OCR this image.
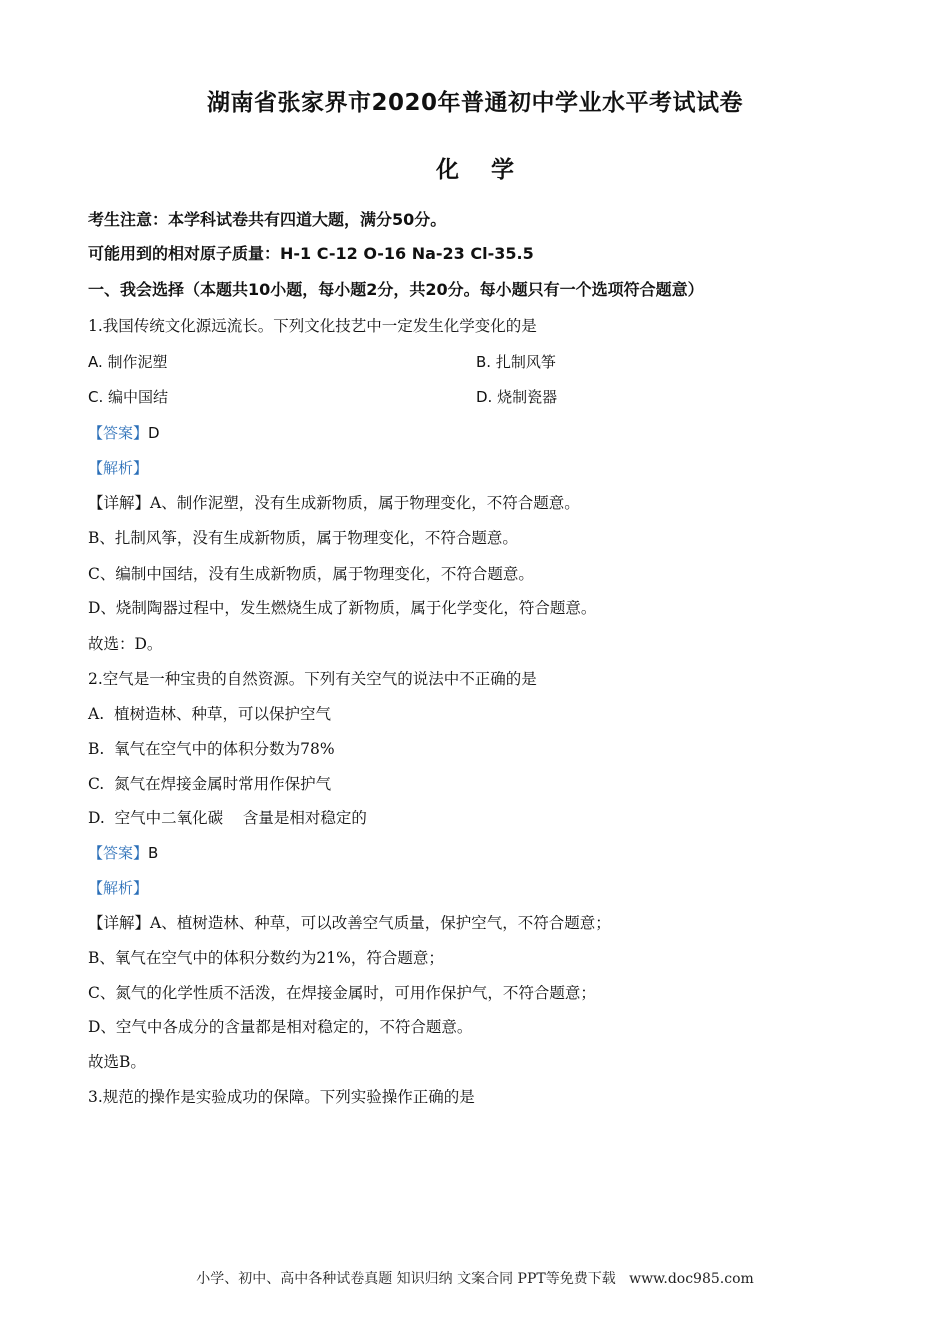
湖南省张家界市2020年普通初中学业水平考试试卷
化 学
考生注意：本学科试卷共有四道大题，满分50分。
可能用到的相对原子质量：H-1 C-12 O-16 Na-23 Cl-35.5
一、我会选择（本题共10小题，每小题2分，共20分。每小题只有一个选项符合题意）
1.我国传统文化源远流长。下列文化技艺中一定发生化学变化的是
A. 制作泥塑	B. 扎制风筝
C. 编中国结	D. 烧制瓷器
【答案】D
【解析】
【详解】A、制作泥塑，没有生成新物质，属于物理变化，不符合题意。
B、扎制风筝，没有生成新物质，属于物理变化，不符合题意。
C、编制中国结，没有生成新物质，属于物理变化，不符合题意。
D、烧制陶器过程中，发生燃烧生成了新物质，属于化学变化，符合题意。
故选：D。
2.空气是一种宝贵的自然资源。下列有关空气的说法中不正确的是
A.  植树造林、种草，可以保护空气
B.  氧气在空气中的体积分数为78%
C.  氮气在焊接金属时常用作保护气
D.  空气中二氧化碳    含量是相对稳定的
【答案】B
【解析】
【详解】A、植树造林、种草，可以改善空气质量，保护空气，不符合题意；
B、氧气在空气中的体积分数约为21%，符合题意；
C、氮气的化学性质不活泼，在焊接金属时，可用作保护气，不符合题意；
D、空气中各成分的含量都是相对稳定的，不符合题意。
故选B。
3.规范的操作是实验成功的保障。下列实验操作正确的是
小学、初中、高中各种试卷真题 知识归纳 文案合同 PPT等免费下载   www.doc985.com
